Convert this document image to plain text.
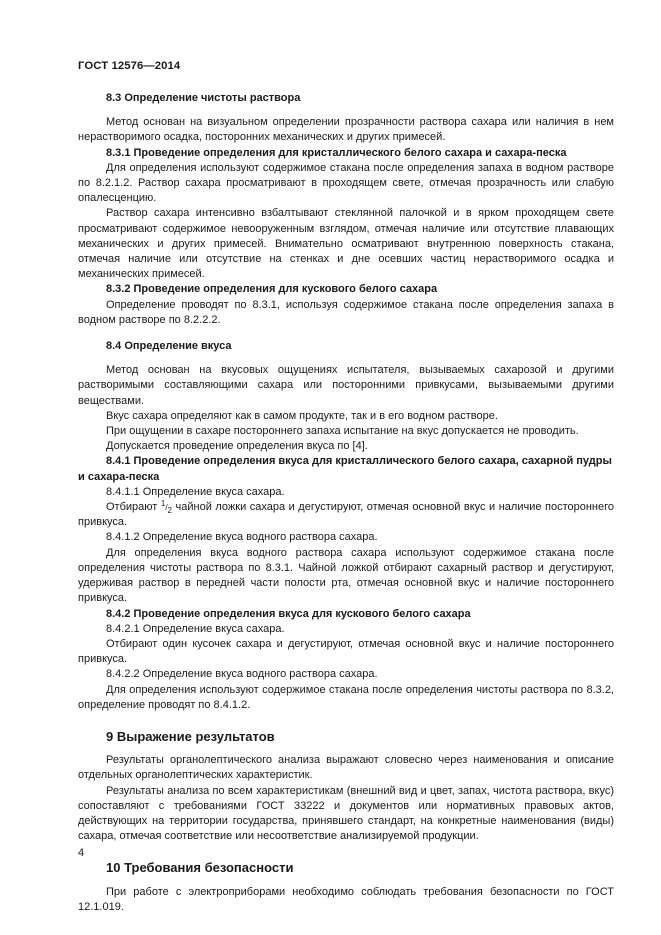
ГОСТ 12576—2014
8.3 Определение чистоты раствора

Метод основан на визуальном определении прозрачности раствора сахара или наличия в нем нерастворимого осадка, посторонних механических и других примесей.

8.3.1 Проведение определения для кристаллического белого сахара и сахара-песка

Для определения используют содержимое стакана после определения запаха в водном растворе по 8.2.1.2. Раствор сахара просматривают в проходящем свете, отмечая прозрачность или слабую опалесценцию.

Раствор сахара интенсивно взбалтывают стеклянной палочкой и в ярком проходящем свете просматривают содержимое невооруженным взглядом, отмечая наличие или отсутствие плавающих механических и других примесей. Внимательно осматривают внутреннюю поверхность стакана, отмечая наличие или отсутствие на стенках и дне осевших частиц нерастворимого осадка и механических примесей.

8.3.2 Проведение определения для кускового белого сахара

Определение проводят по 8.3.1, используя содержимое стакана после определения запаха в водном растворе по 8.2.2.2.

8.4 Определение вкуса

Метод основан на вкусовых ощущениях испытателя, вызываемых сахарозой и другими растворимыми составляющими сахара или посторонними привкусами, вызываемыми другими веществами.

Вкус сахара определяют как в самом продукте, так и в его водном растворе.

При ощущении в сахаре постороннего запаха испытание на вкус допускается не проводить.

Допускается проведение определения вкуса по [4].

8.4.1 Проведение определения вкуса для кристаллического белого сахара, сахарной пудры и сахара-песка

8.4.1.1 Определение вкуса сахара.

Отбирают 1/2 чайной ложки сахара и дегустируют, отмечая основной вкус и наличие постороннего привкуса.

8.4.1.2 Определение вкуса водного раствора сахара.

Для определения вкуса водного раствора сахара используют содержимое стакана после определения чистоты раствора по 8.3.1. Чайной ложкой отбирают сахарный раствор и дегустируют, удерживая раствор в передней части полости рта, отмечая основной вкус и наличие постороннего привкуса.

8.4.2 Проведение определения вкуса для кускового белого сахара

8.4.2.1 Определение вкуса сахара.

Отбирают один кусочек сахара и дегустируют, отмечая основной вкус и наличие постороннего привкуса.

8.4.2.2 Определение вкуса водного раствора сахара.

Для определения используют содержимое стакана после определения чистоты раствора по 8.3.2, определение проводят по 8.4.1.2.

9 Выражение результатов

Результаты органолептического анализа выражают словесно через наименования и описание отдельных органолептических характеристик.

Результаты анализа по всем характеристикам (внешний вид и цвет, запах, чистота раствора, вкус) сопоставляют с требованиями ГОСТ 33222 и документов или нормативных правовых актов, действующих на территории государства, принявшего стандарт, на конкретные наименования (виды) сахара, отмечая соответствие или несоответствие анализируемой продукции.

10 Требования безопасности

При работе с электроприборами необходимо соблюдать требования безопасности по ГОСТ 12.1.019.

4
